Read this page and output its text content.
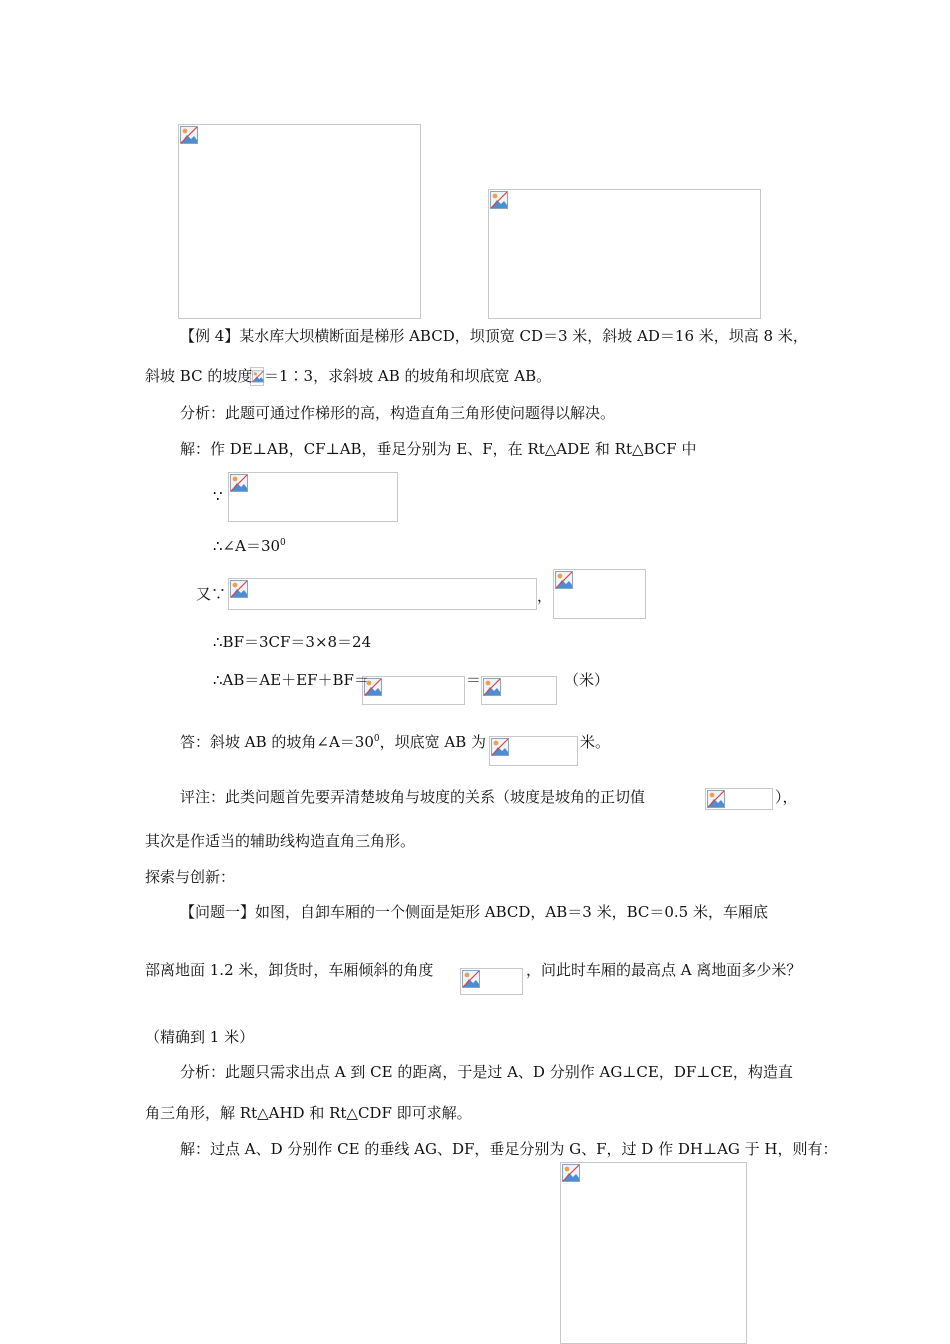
【例 4】某水库大坝横断面是梯形 ABCD，坝顶宽 CD＝3 米，斜坡 AD＝16 米，坝高 8 米，
斜坡 BC 的坡度 ＝1∶3，求斜坡 AB 的坡角和坝底宽 AB。
分析：此题可通过作梯形的高，构造直角三角形使问题得以解决。
解：作 DE⊥AB，CF⊥AB，垂足分别为 E、F，在 Rt△ADE 和 Rt△BCF 中
∵
$\therefore\angle A=30^0$
又∵	，
∴BF＝3CF＝3×8＝24
∴AB＝AE＋EF＋BF＝	＝	（米）
答：斜坡 AB 的坡角$\angle A=30^0$，坝底宽 AB 为	米。
评注：此类问题首先要弄清楚坡角与坡度的关系（坡度是坡角的正切值	），
其次是作适当的辅助线构造直角三角形。
探索与创新：
【问题一】如图，自卸车厢的一个侧面是矩形 ABCD，AB＝3 米，BC＝0.5 米，车厢底
部离地面 1.2 米，卸货时，车厢倾斜的角度	，问此时车厢的最高点 A 离地面多少米？
（精确到 1 米）
分析：此题只需求出点 A 到 CE 的距离，于是过 A、D 分别作 AG⊥CE，DF⊥CE，构造直
角三角形，解 Rt△AHD 和 Rt△CDF 即可求解。
解：过点 A、D 分别作 CE 的垂线 AG、DF，垂足分别为 G、F，过 D 作 DH⊥AG 于 H，则有：
